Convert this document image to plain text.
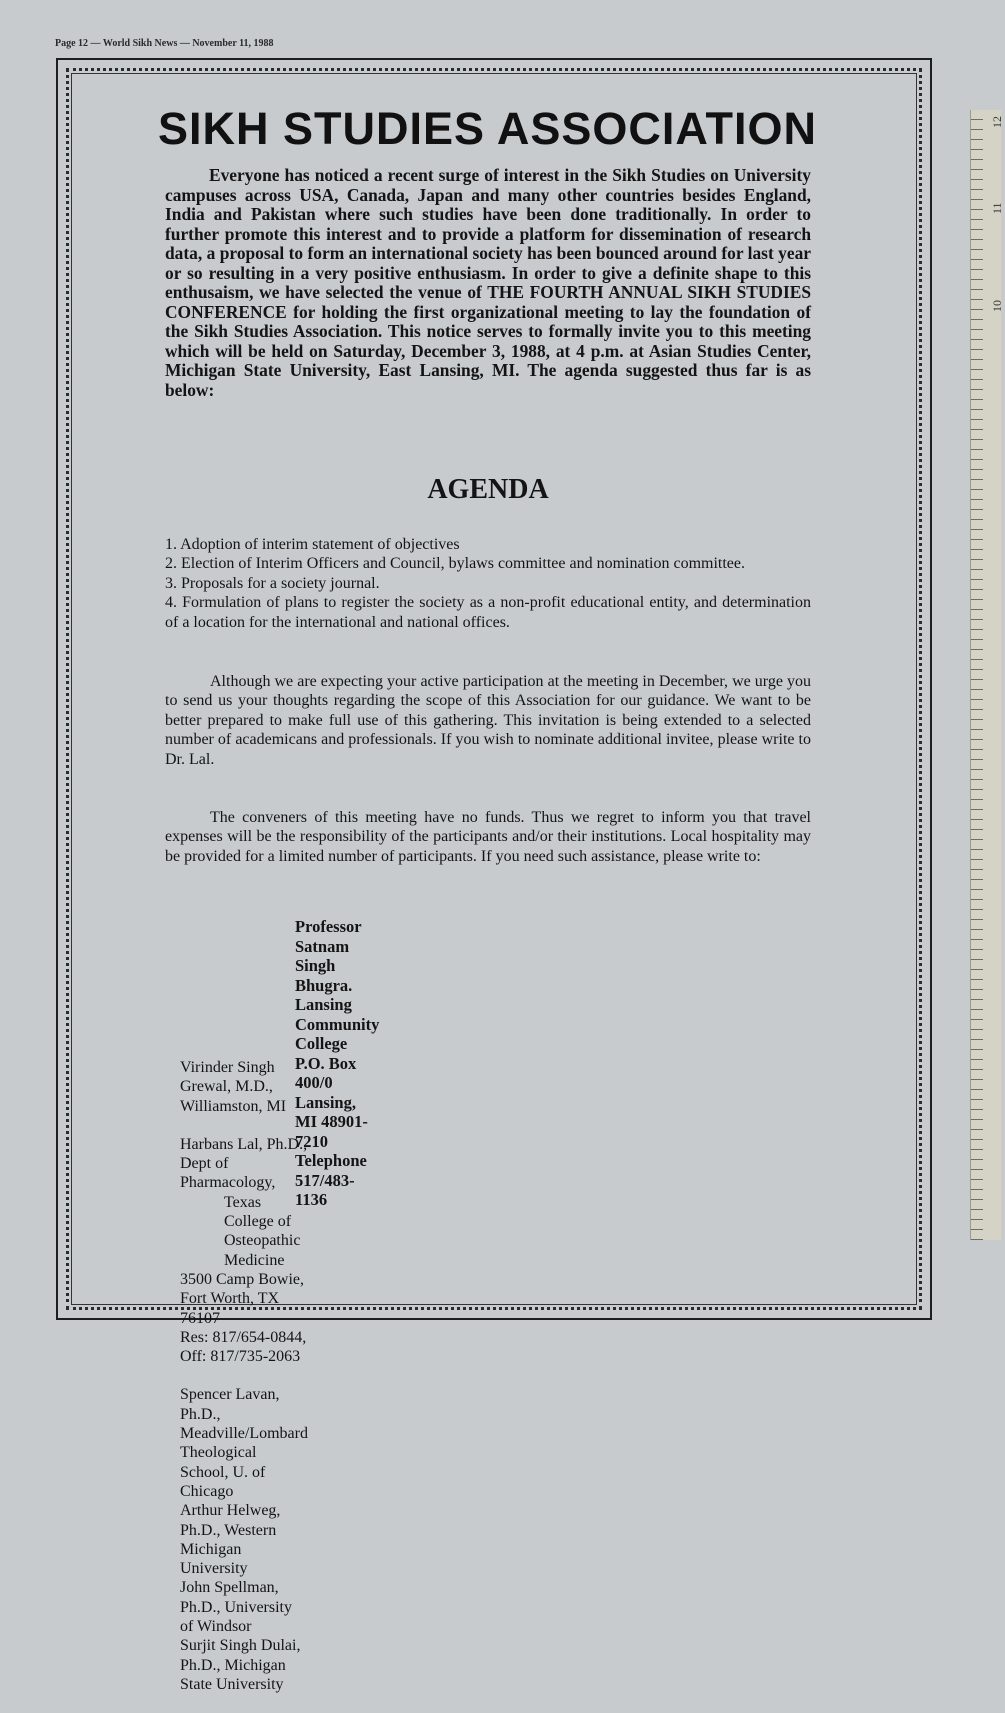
Page 12 — World Sikh News — November 11, 1988
12
11
10
SIKH STUDIES ASSOCIATION

Everyone has noticed a recent surge of interest in the Sikh Studies on University campuses across USA, Canada, Japan and many other countries besides England, India and Pakistan where such studies have been done traditionally. In order to further promote this interest and to provide a platform for dissemination of research data, a proposal to form an international society has been bounced around for last year or so resulting in a very positive enthusiasm. In order to give a definite shape to this enthusaism, we have selected the venue of THE FOURTH ANNUAL SIKH STUDIES CONFERENCE for holding the first organizational meeting to lay the foundation of the Sikh Studies Association. This notice serves to formally invite you to this meeting which will be held on Saturday, December 3, 1988, at 4 p.m. at Asian Studies Center, Michigan State University, East Lansing, MI. The agenda suggested thus far is as below:

AGENDA
1. Adoption of interim statement of objectives
2. Election of Interim Officers and Council, bylaws committee and nomination committee.
3. Proposals for a society journal.
4. Formulation of plans to register the society as a non-profit educational entity, and determination of a location for the international and national offices.

Although we are expecting your active participation at the meeting in December, we urge you to send us your thoughts regarding the scope of this Association for our guidance. We want to be better prepared to make full use of this gathering. This invitation is being extended to a selected number of academicans and professionals. If you wish to nominate additional invitee, please write to Dr. Lal.

The conveners of this meeting have no funds. Thus we regret to inform you that travel expenses will be the responsibility of the participants and/or their institutions. Local hospitality may be provided for a limited number of participants. If you need such assistance, please write to:

Professor Satnam Singh Bhugra.
Lansing Community College
P.O. Box 400/0
Lansing, MI 48901-7210
Telephone 517/483-1136
Virinder Singh Grewal, M.D., Williamston, MI
Harbans Lal, Ph.D., Dept of Pharmacology,
Texas College of Osteopathic Medicine
3500 Camp Bowie, Fort Worth, TX 76107
Res: 817/654-0844, Off: 817/735-2063
Spencer Lavan, Ph.D., Meadville/Lombard Theological School, U. of Chicago
Arthur Helweg, Ph.D., Western Michigan University
John Spellman, Ph.D., University of Windsor
Surjit Singh Dulai, Ph.D., Michigan State University
